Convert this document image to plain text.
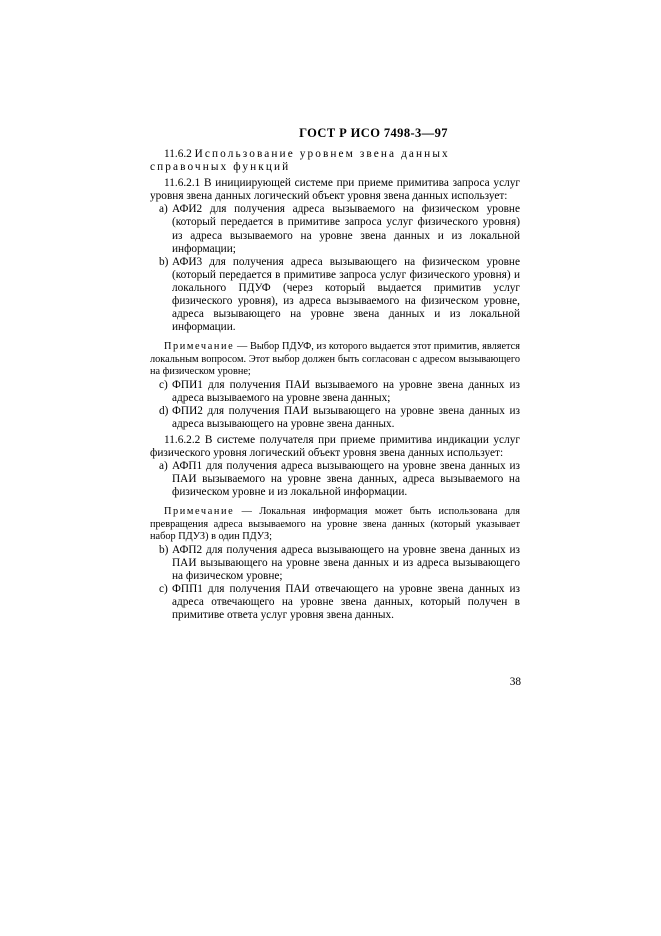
ГОСТ Р ИСО 7498-3—97

11.6.2 Использование уровнем звена данных

справочных функций

11.6.2.1 В инициирующей системе при приеме примитива запроса услуг уровня звена данных логический объект уровня звена данных использует:

a) АФИ2 для получения адреса вызываемого на физическом уровне (который передается в примитиве запроса услуг физического уровня) из адреса вызываемого на уровне звена данных и из локальной информации;
b) АФИ3 для получения адреса вызывающего на физическом уровне (который передается в примитиве запроса услуг физического уровня) и локального ПДУФ (через который выдается примитив услуг физического уровня), из адреса вызываемого на физическом уровне, адреса вызывающего на уровне звена данных и из локальной информации.

Примечание — Выбор ПДУФ, из которого выдается этот примитив, является локальным вопросом. Этот выбор должен быть согласован с адресом вызывающего на физическом уровне;

c) ФПИ1 для получения ПАИ вызываемого на уровне звена данных из адреса вызываемого на уровне звена данных;
d) ФПИ2 для получения ПАИ вызывающего на уровне звена данных из адреса вызывающего на уровне звена данных.

11.6.2.2 В системе получателя при приеме примитива индикации услуг физического уровня логический объект уровня звена данных использует:

a) АФП1 для получения адреса вызывающего на уровне звена данных из ПАИ вызываемого на уровне звена данных, адреса вызываемого на физическом уровне и из локальной информации.

Примечание — Локальная информация может быть использована для превращения адреса вызываемого на уровне звена данных (который указывает набор ПДУЗ) в один ПДУЗ;

b) АФП2 для получения адреса вызывающего на уровне звена данных из ПАИ вызывающего на уровне звена данных и из адреса вызывающего на физическом уровне;
c) ФПП1 для получения ПАИ отвечающего на уровне звена данных из адреса отвечающего на уровне звена данных, который получен в примитиве ответа услуг уровня звена данных.
38
